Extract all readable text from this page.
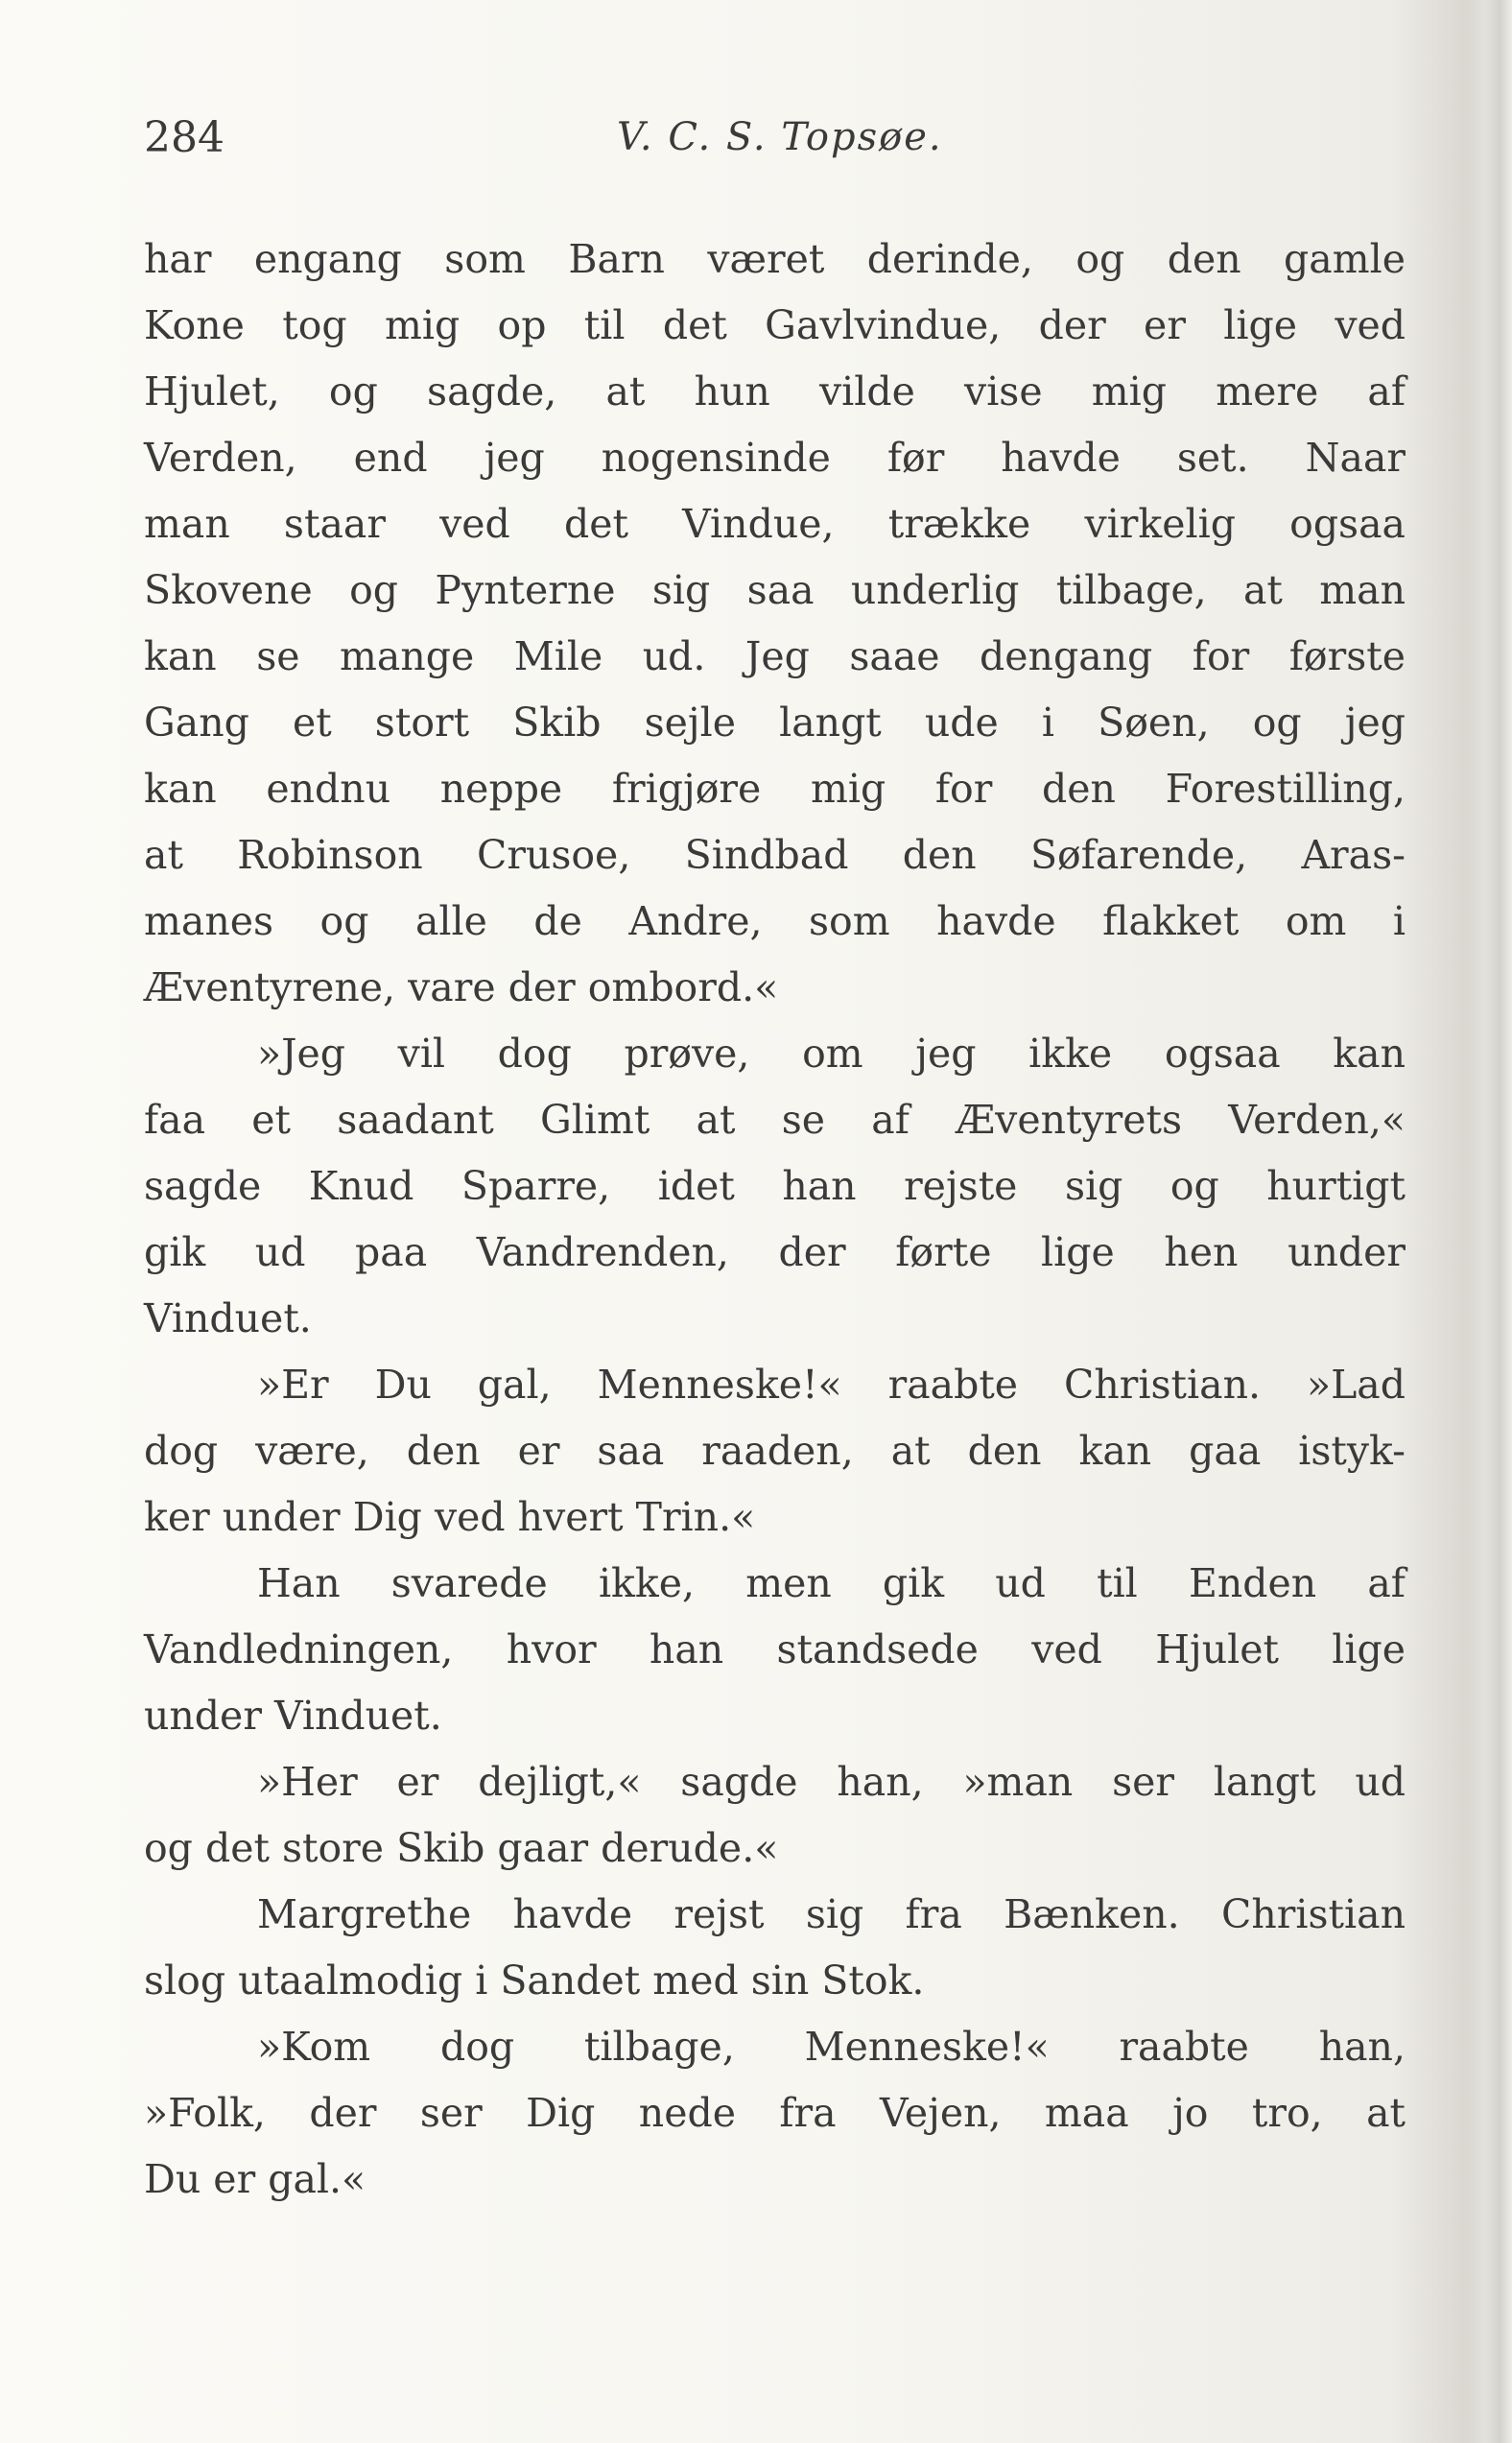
284	V. C. S. Topsøe.
har engang som Barn været derinde, og den gamle
Kone tog mig op til det Gavlvindue, der er lige ved
Hjulet, og sagde, at hun vilde vise mig mere af
Verden, end jeg nogensinde før havde set. Naar
man staar ved det Vindue, trække virkelig ogsaa
Skovene og Pynterne sig saa underlig tilbage, at man
kan se mange Mile ud. Jeg saae dengang for første
Gang et stort Skib sejle langt ude i Søen, og jeg
kan endnu neppe frigjøre mig for den Forestilling,
at Robinson Crusoe, Sindbad den Søfarende, Aras-
manes og alle de Andre, som havde flakket om i
Æventyrene, vare der ombord.«
»Jeg vil dog prøve, om jeg ikke ogsaa kan
faa et saadant Glimt at se af Æventyrets Verden,«
sagde Knud Sparre, idet han rejste sig og hurtigt
gik ud paa Vandrenden, der førte lige hen under
Vinduet.
»Er Du gal, Menneske!« raabte Christian. »Lad
dog være, den er saa raaden, at den kan gaa istyk-
ker under Dig ved hvert Trin.«
Han svarede ikke, men gik ud til Enden af
Vandledningen, hvor han standsede ved Hjulet lige
under Vinduet.
»Her er dejligt,« sagde han, »man ser langt ud
og det store Skib gaar derude.«
Margrethe havde rejst sig fra Bænken. Christian
slog utaalmodig i Sandet med sin Stok.
»Kom dog tilbage, Menneske!« raabte han,
»Folk, der ser Dig nede fra Vejen, maa jo tro, at
Du er gal.«
